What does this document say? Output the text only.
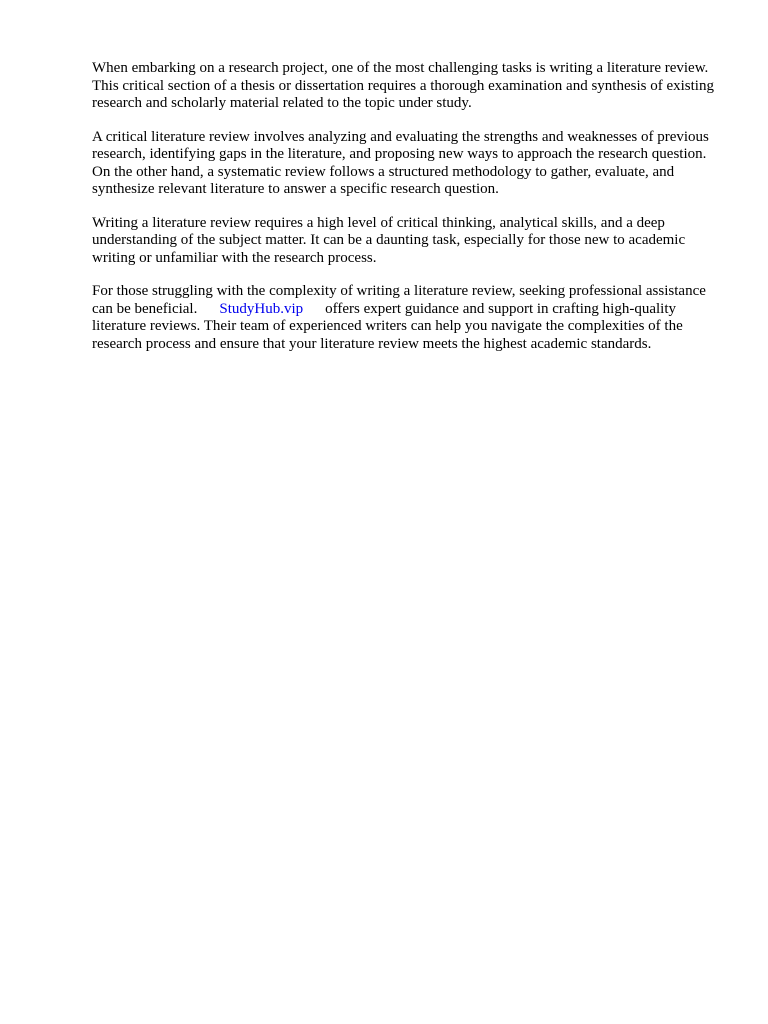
When embarking on a research project, one of the most challenging tasks is writing a literature review. This critical section of a thesis or dissertation requires a thorough examination and synthesis of existing research and scholarly material related to the topic under study.

A critical literature review involves analyzing and evaluating the strengths and weaknesses of previous research, identifying gaps in the literature, and proposing new ways to approach the research question. On the other hand, a systematic review follows a structured methodology to gather, evaluate, and synthesize relevant literature to answer a specific research question.

Writing a literature review requires a high level of critical thinking, analytical skills, and a deep understanding of the subject matter. It can be a daunting task, especially for those new to academic writing or unfamiliar with the research process.

For those struggling with the complexity of writing a literature review, seeking professional assistance can be beneficial. StudyHub.vip offers expert guidance and support in crafting high-quality literature reviews. Their team of experienced writers can help you navigate the complexities of the research process and ensure that your literature review meets the highest academic standards.
